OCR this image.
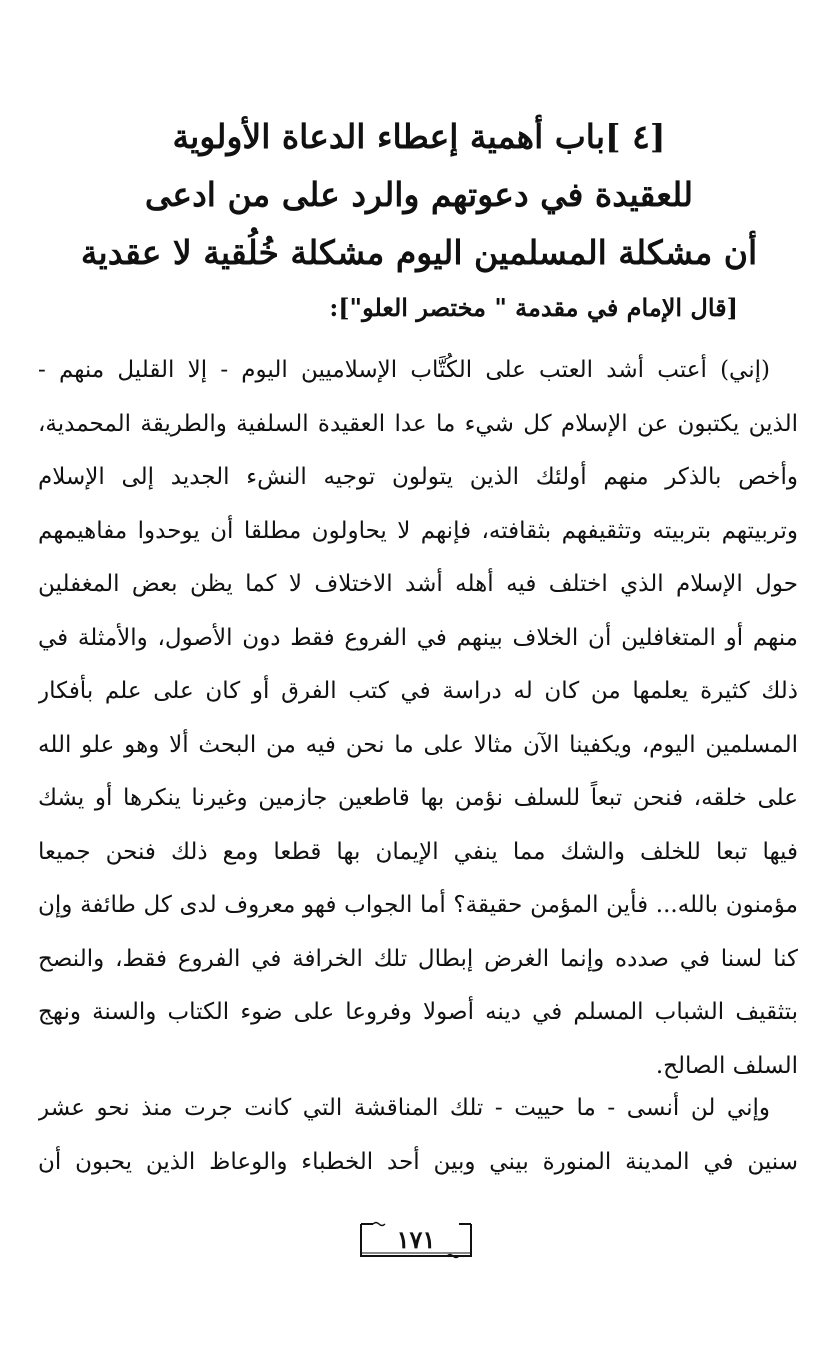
[٤ ]باب أهمية إعطاء الدعاة الأولوية
للعقيدة في دعوتهم والرد على من ادعى
أن مشكلة المسلمين اليوم مشكلة خُلُقية لا عقدية
[قال الإمام في مقدمة " مختصر العلو"]:
(إني) أعتب أشد العتب على الكُتَّاب الإسلاميين اليوم - إلا القليل منهم -
الذين يكتبون عن الإسلام كل شيء ما عدا العقيدة السلفية والطريقة المحمدية،
وأخص بالذكر منهم أولئك الذين يتولون توجيه النشء الجديد إلى الإسلام
وتربيتهم بتربيته وتثقيفهم بثقافته، فإنهم لا يحاولون مطلقا أن يوحدوا مفاهيمهم
حول الإسلام الذي اختلف فيه أهله أشد الاختلاف لا كما يظن بعض المغفلين
منهم أو المتغافلين أن الخلاف بينهم في الفروع فقط دون الأصول، والأمثلة في
ذلك كثيرة يعلمها من كان له دراسة في كتب الفرق أو كان على علم بأفكار
المسلمين اليوم، ويكفينا الآن مثالا على ما نحن فيه من البحث ألا وهو علو الله
على خلقه، فنحن تبعاً للسلف نؤمن بها قاطعين جازمين وغيرنا ينكرها أو يشك
فيها تبعا للخلف والشك مما ينفي الإيمان بها قطعا ومع ذلك فنحن جميعا
مؤمنون بالله... فأين المؤمن حقيقة؟ أما الجواب فهو معروف لدى كل طائفة وإن
كنا لسنا في صدده وإنما الغرض إبطال تلك الخرافة في الفروع فقط، والنصح
بتثقيف الشباب المسلم في دينه أصولا وفروعا على ضوء الكتاب والسنة ونهج
السلف الصالح.
وإني لن أنسى - ما حييت - تلك المناقشة التي كانت جرت منذ نحو عشر
سنين في المدينة المنورة بيني وبين أحد الخطباء والوعاظ الذين يحبون أن
١٧١
